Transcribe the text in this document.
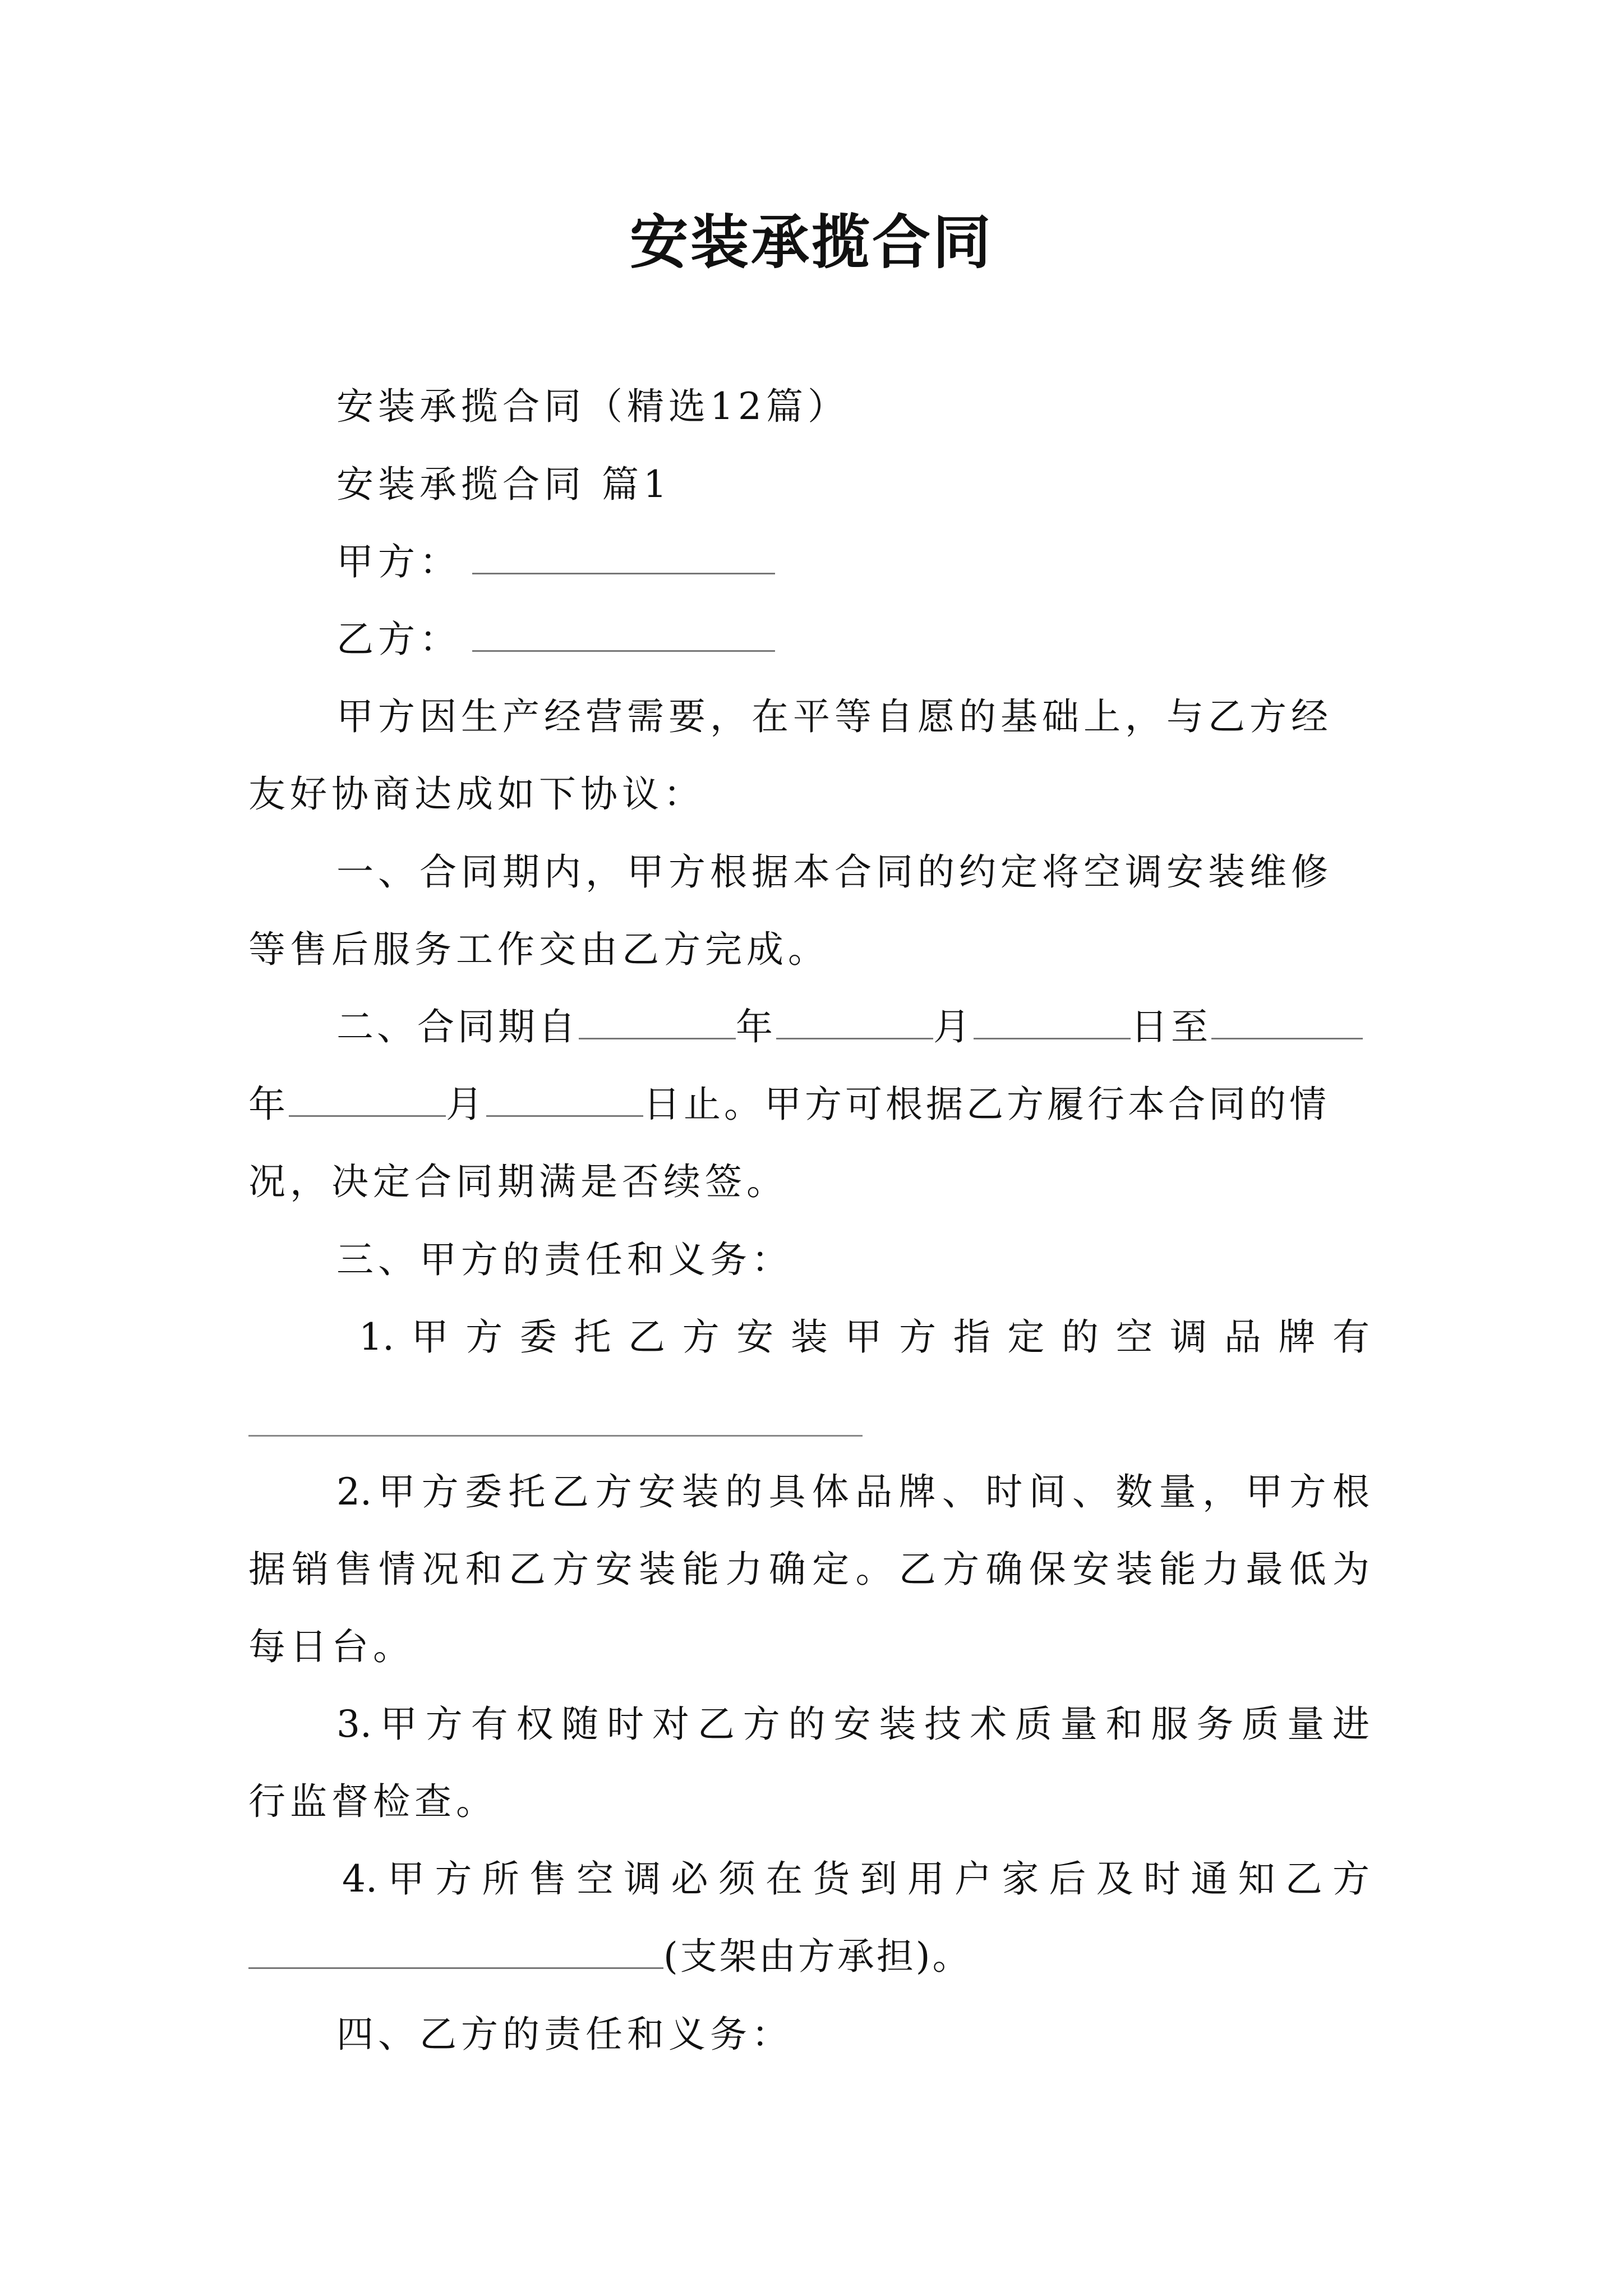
安装承揽合同
安装承揽合同（精选12篇）
安装承揽合同 篇1
甲方：
乙方：
甲方因生产经营需要，在平等自愿的基础上，与乙方经
友好协商达成如下协议：
一、合同期内，甲方根据本合同的约定将空调安装维修
等售后服务工作交由乙方完成。
二、合同期自	年	月	日至
年	月	日止。甲方可根据乙方履行本合同的情
况，决定合同期满是否续签。
三、甲方的责任和义务：
1.甲方委托乙方安装甲方指定的空调品牌有
2.甲方委托乙方安装的具体品牌、时间、数量，甲方根
据销售情况和乙方安装能力确定。乙方确保安装能力最低为
每日台。
3.甲方有权随时对乙方的安装技术质量和服务质量进
行监督检查。
4.甲方所售空调必须在货到用户家后及时通知乙方
(支架由方承担)。
四、乙方的责任和义务：
